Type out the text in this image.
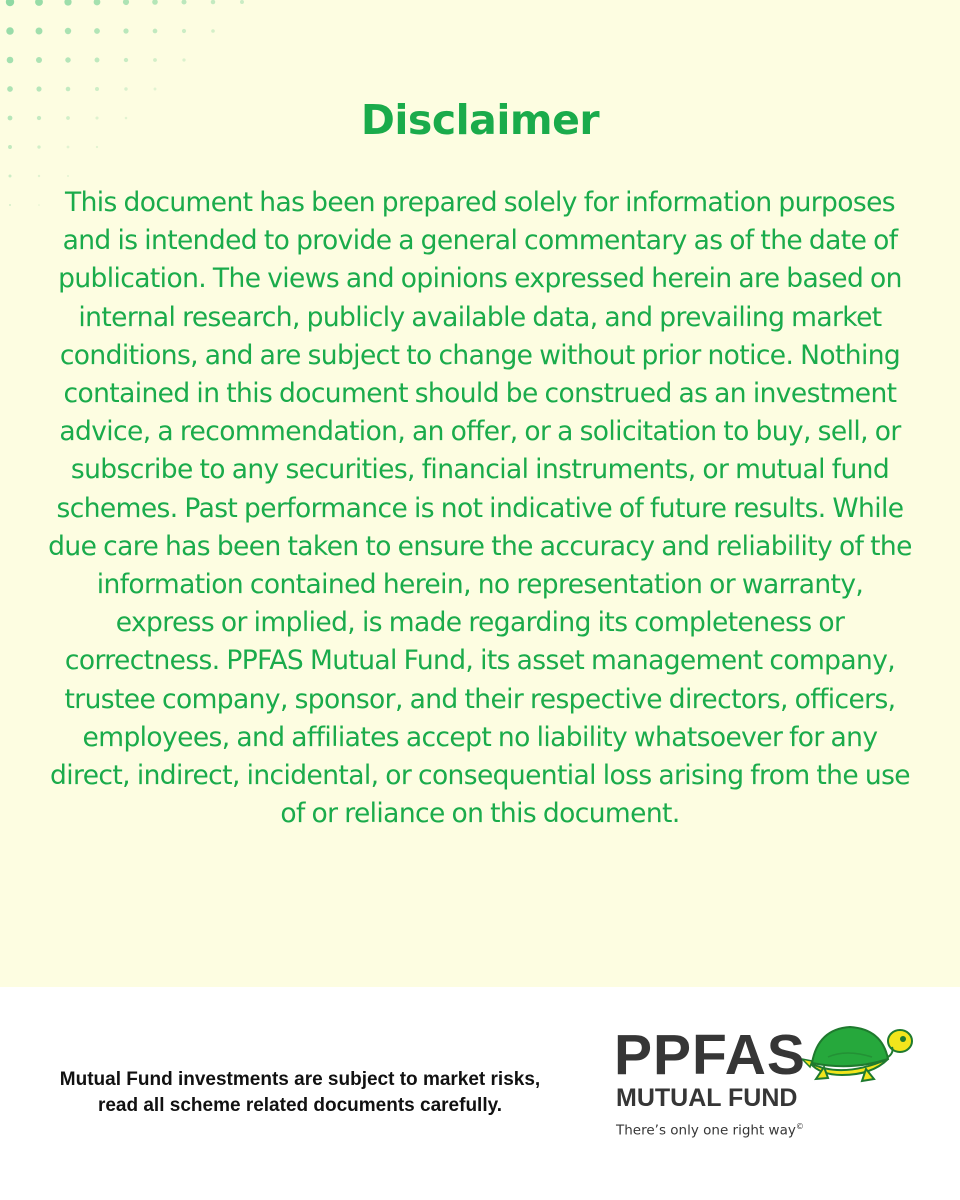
Disclaimer
This document has been prepared solely for information purposes and is intended to provide a general commentary as of the date of publication. The views and opinions expressed herein are based on internal research, publicly available data, and prevailing market conditions, and are subject to change without prior notice. Nothing contained in this document should be construed as an investment advice, a recommendation, an offer, or a solicitation to buy, sell, or subscribe to any securities, financial instruments, or mutual fund schemes. Past performance is not indicative of future results. While due care has been taken to ensure the accuracy and reliability of the information contained herein, no representation or warranty, express or implied, is made regarding its completeness or correctness. PPFAS Mutual Fund, its asset management company, trustee company, sponsor, and their respective directors, officers, employees, and affiliates accept no liability whatsoever for any direct, indirect, incidental, or consequential loss arising from the use of or reliance on this document.
Mutual Fund investments are subject to market risks,
read all scheme related documents carefully.
PPFAS
MUTUAL FUND
There’s only one right way©
